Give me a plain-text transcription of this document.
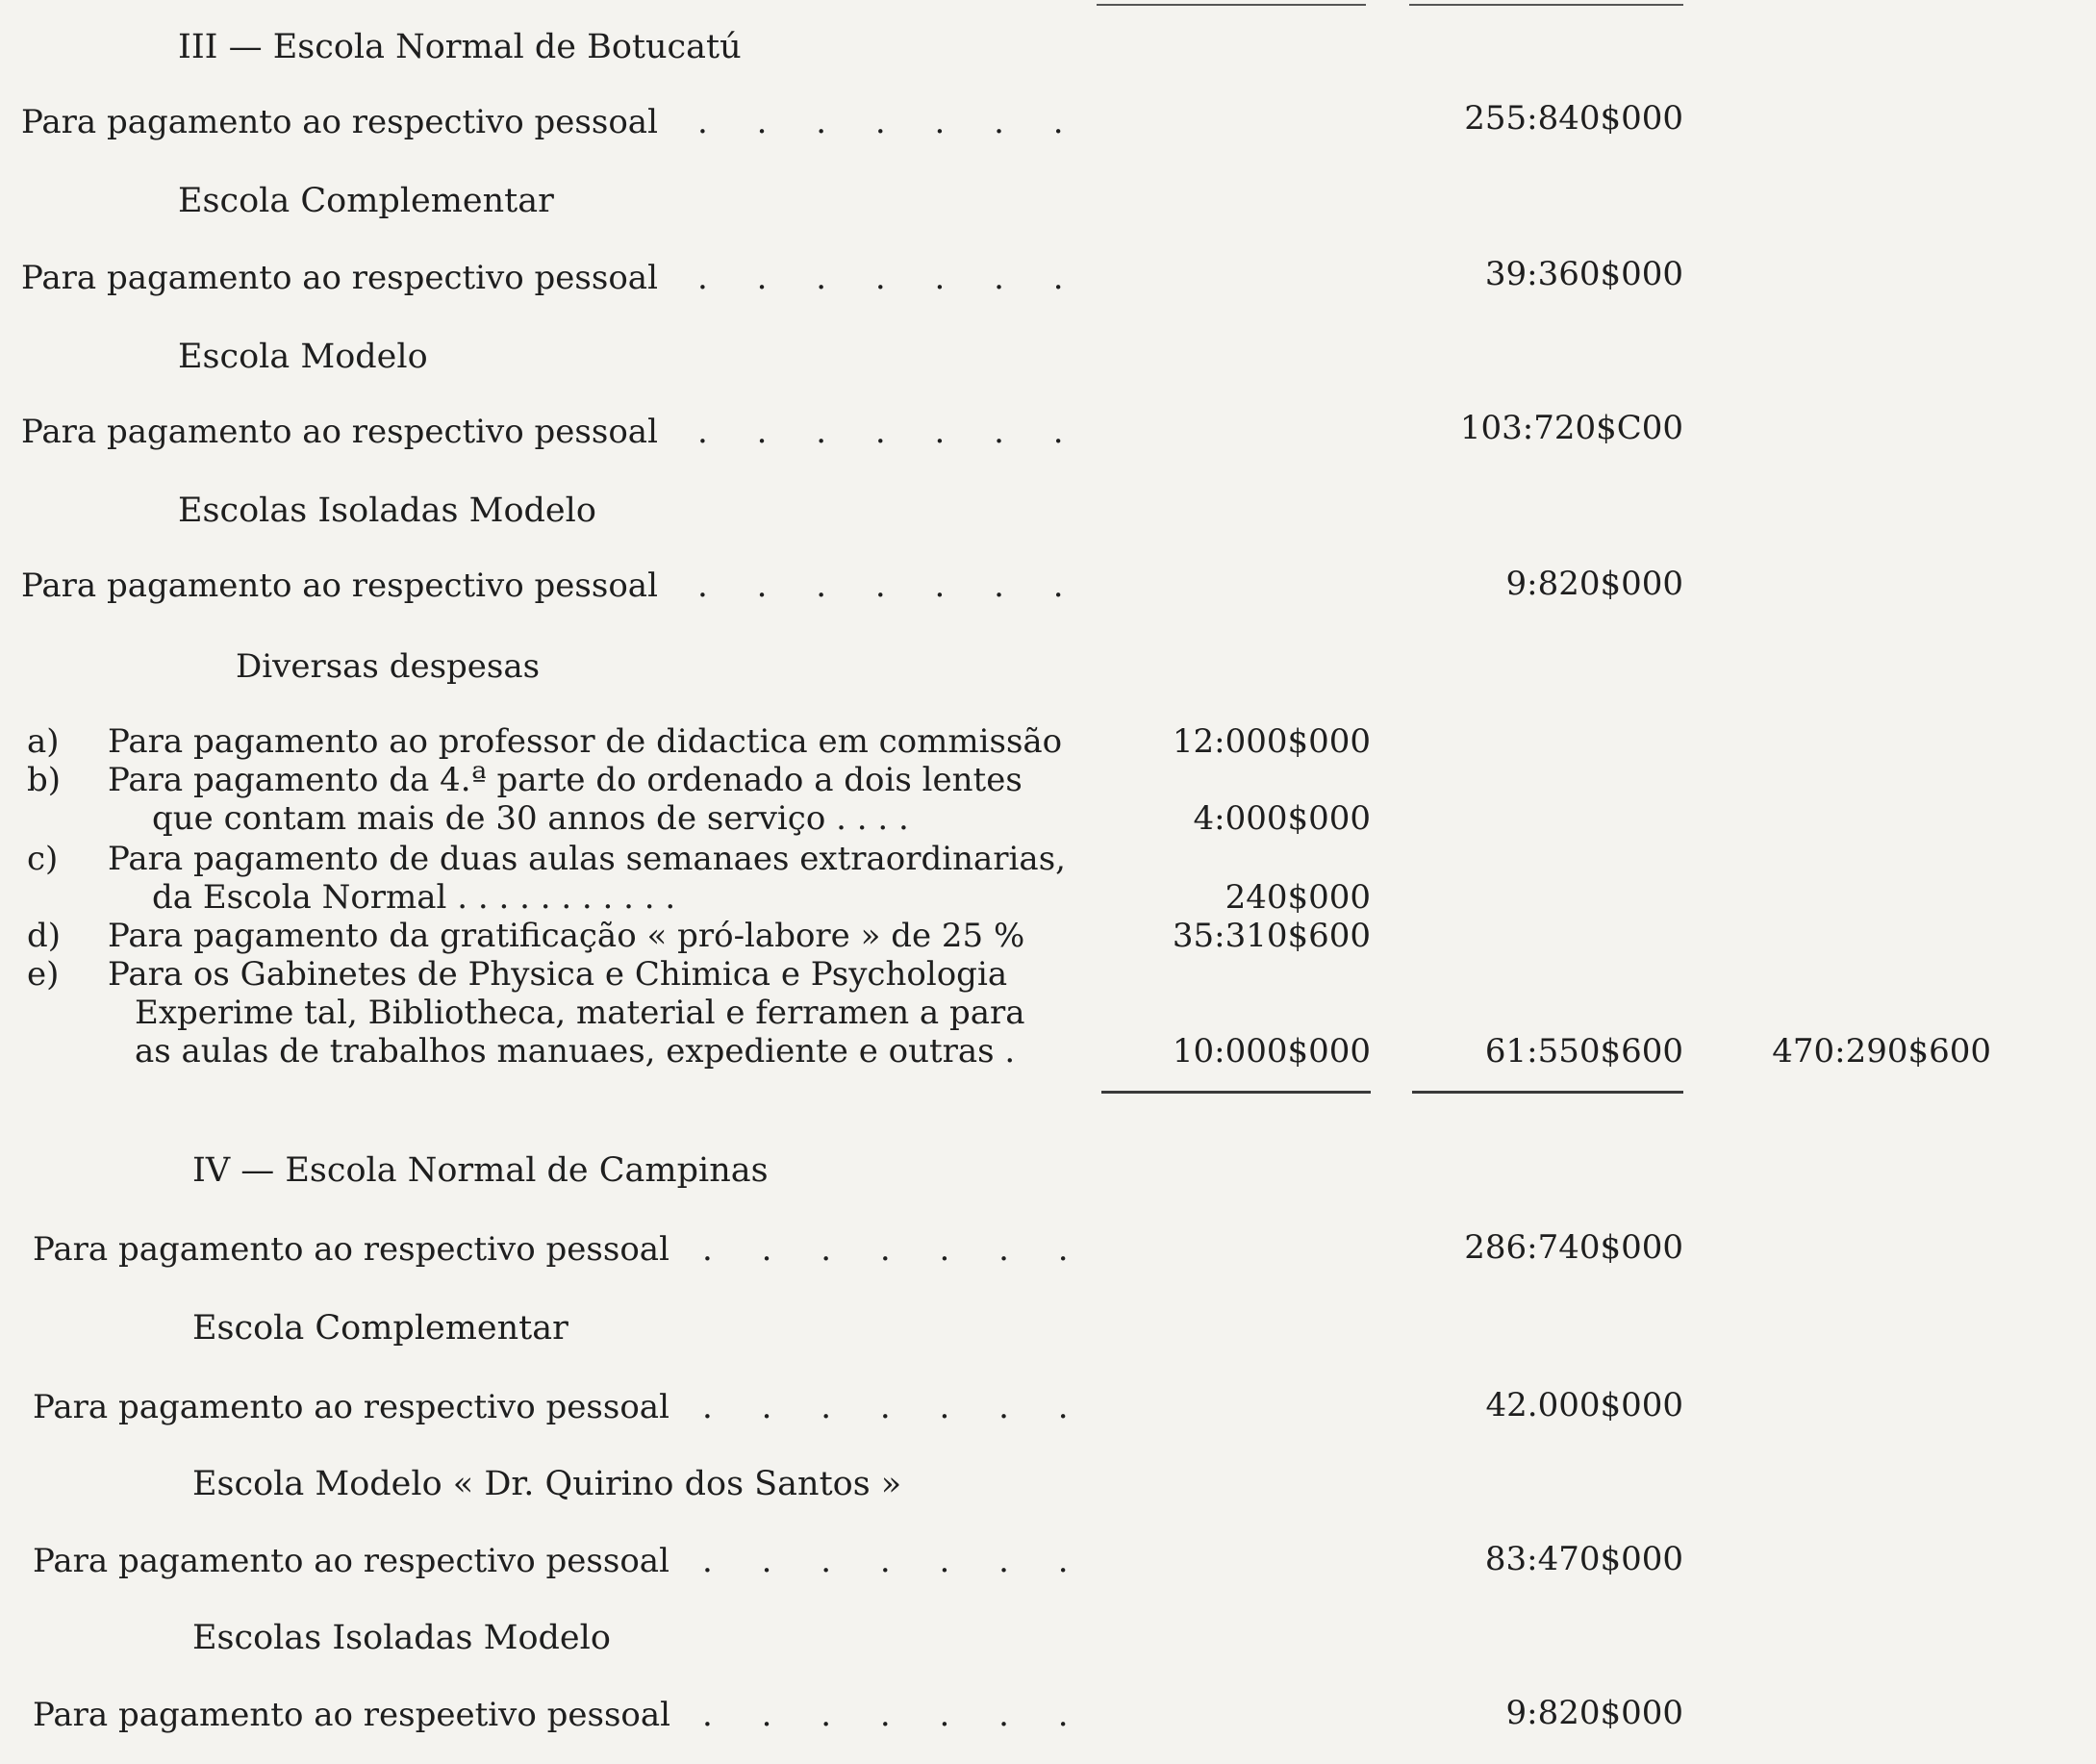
III — Escola Normal de Botucatú
Para pagamento ao respectivo pessoal . . . . . . .	255:840$000
Escola Complementar
Para pagamento ao respectivo pessoal . . . . . . .	39:360$000
Escola Modelo
Para pagamento ao respectivo pessoal . . . . . . .	103:720$C00
Escolas Isoladas Modelo
Para pagamento ao respectivo pessoal . . . . . . .	9:820$000
Diversas despesas
a) Para pagamento ao professor de didactica em commissão	12:000$000
b) Para pagamento da 4.ª parte do ordenado a dois lentes
que contam mais de 30 annos de serviço . . . .	4:000$000
c) Para pagamento de duas aulas semanaes extraordinarias,
da Escola Normal . . . . . . . . . . .	240$000
d) Para pagamento da gratificação « pró-labore » de 25 %	35:310$600
e) Para os Gabinetes de Physica e Chimica e Psychologia
Experime tal, Bibliotheca, material e ferramen a para
as aulas de trabalhos manuaes, expediente e outras .	10:000$000	61:550$600	470:290$600
IV — Escola Normal de Campinas
Para pagamento ao respectivo pessoal . . . . . . .	286:740$000
Escola Complementar
Para pagamento ao respectivo pessoal . . . . . . .	42.000$000
Escola Modelo « Dr. Quirino dos Santos »
Para pagamento ao respectivo pessoal . . . . . . .	83:470$000
Escolas Isoladas Modelo
Para pagamento ao respeetivo pessoal . . . . . . .	9:820$000
